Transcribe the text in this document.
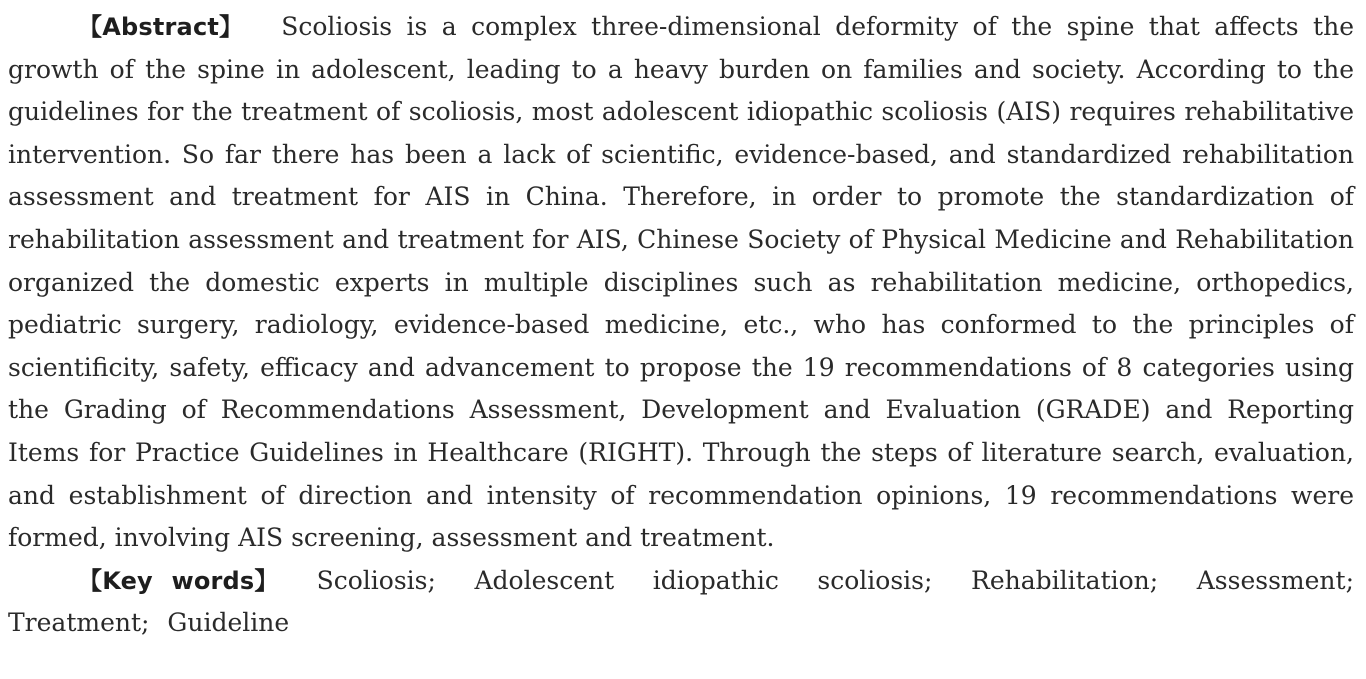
【Abstract】 Scoliosis is a complex three-dimensional deformity of the spine that affects the growth of the spine in adolescent, leading to a heavy burden on families and society. According to the guidelines for the treatment of scoliosis, most adolescent idiopathic scoliosis (AIS) requires rehabilitative intervention. So far there has been a lack of scientific, evidence-based, and standardized rehabilitation assessment and treatment for AIS in China. Therefore, in order to promote the standardization of rehabilitation assessment and treatment for AIS, Chinese Society of Physical Medicine and Rehabilitation organized the domestic experts in multiple disciplines such as rehabilitation medicine, orthopedics, pediatric surgery, radiology, evidence-based medicine, etc., who has conformed to the principles of scientificity, safety, efficacy and advancement to propose the 19 recommendations of 8 categories using the Grading of Recommendations Assessment, Development and Evaluation (GRADE) and Reporting Items for Practice Guidelines in Healthcare (RIGHT). Through the steps of literature search, evaluation, and establishment of direction and intensity of recommendation opinions, 19 recommendations were formed, involving AIS screening, assessment and treatment.

【Key words】 Scoliosis; Adolescent idiopathic scoliosis; Rehabilitation; Assessment; Treatment; Guideline
